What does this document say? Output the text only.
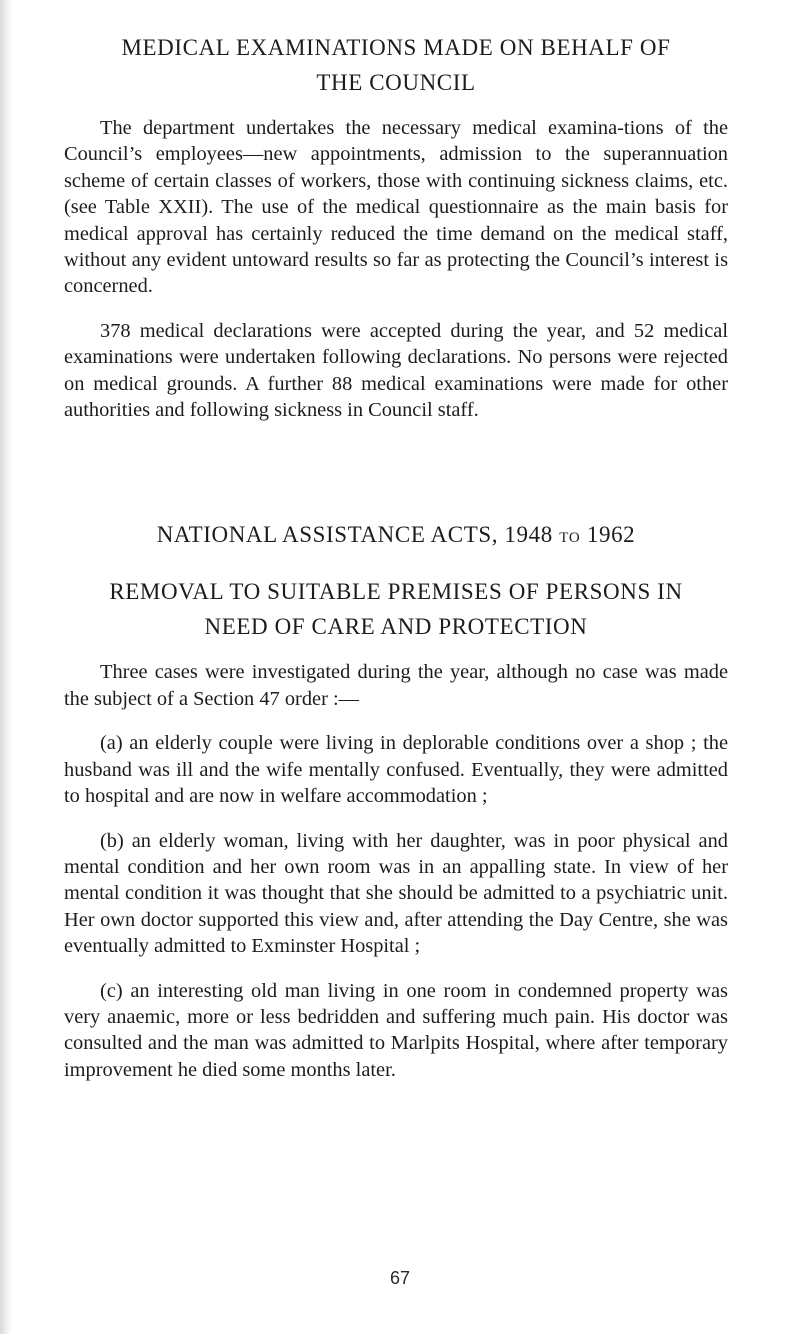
MEDICAL EXAMINATIONS MADE ON BEHALF OF
THE COUNCIL

The department undertakes the necessary medical examina-tions of the Council’s employees—new appointments, admission to the superannuation scheme of certain classes of workers, those with continuing sickness claims, etc. (see Table XXII). The use of the medical questionnaire as the main basis for medical approval has certainly reduced the time demand on the medical staff, without any evident untoward results so far as protecting the Council’s interest is concerned.

378 medical declarations were accepted during the year, and 52 medical examinations were undertaken following declarations. No persons were rejected on medical grounds. A further 88 medical examinations were made for other authorities and following sickness in Council staff.

NATIONAL ASSISTANCE ACTS, 1948 TO 1962
REMOVAL TO SUITABLE PREMISES OF PERSONS IN
NEED OF CARE AND PROTECTION

Three cases were investigated during the year, although no case was made the subject of a Section 47 order :—

(a) an elderly couple were living in deplorable conditions over a shop ; the husband was ill and the wife mentally confused. Eventually, they were admitted to hospital and are now in welfare accommodation ;

(b) an elderly woman, living with her daughter, was in poor physical and mental condition and her own room was in an appalling state. In view of her mental condition it was thought that she should be admitted to a psychiatric unit. Her own doctor supported this view and, after attending the Day Centre, she was eventually admitted to Exminster Hospital ;

(c) an interesting old man living in one room in condemned property was very anaemic, more or less bedridden and suffering much pain. His doctor was consulted and the man was admitted to Marlpits Hospital, where after temporary improvement he died some months later.

67
